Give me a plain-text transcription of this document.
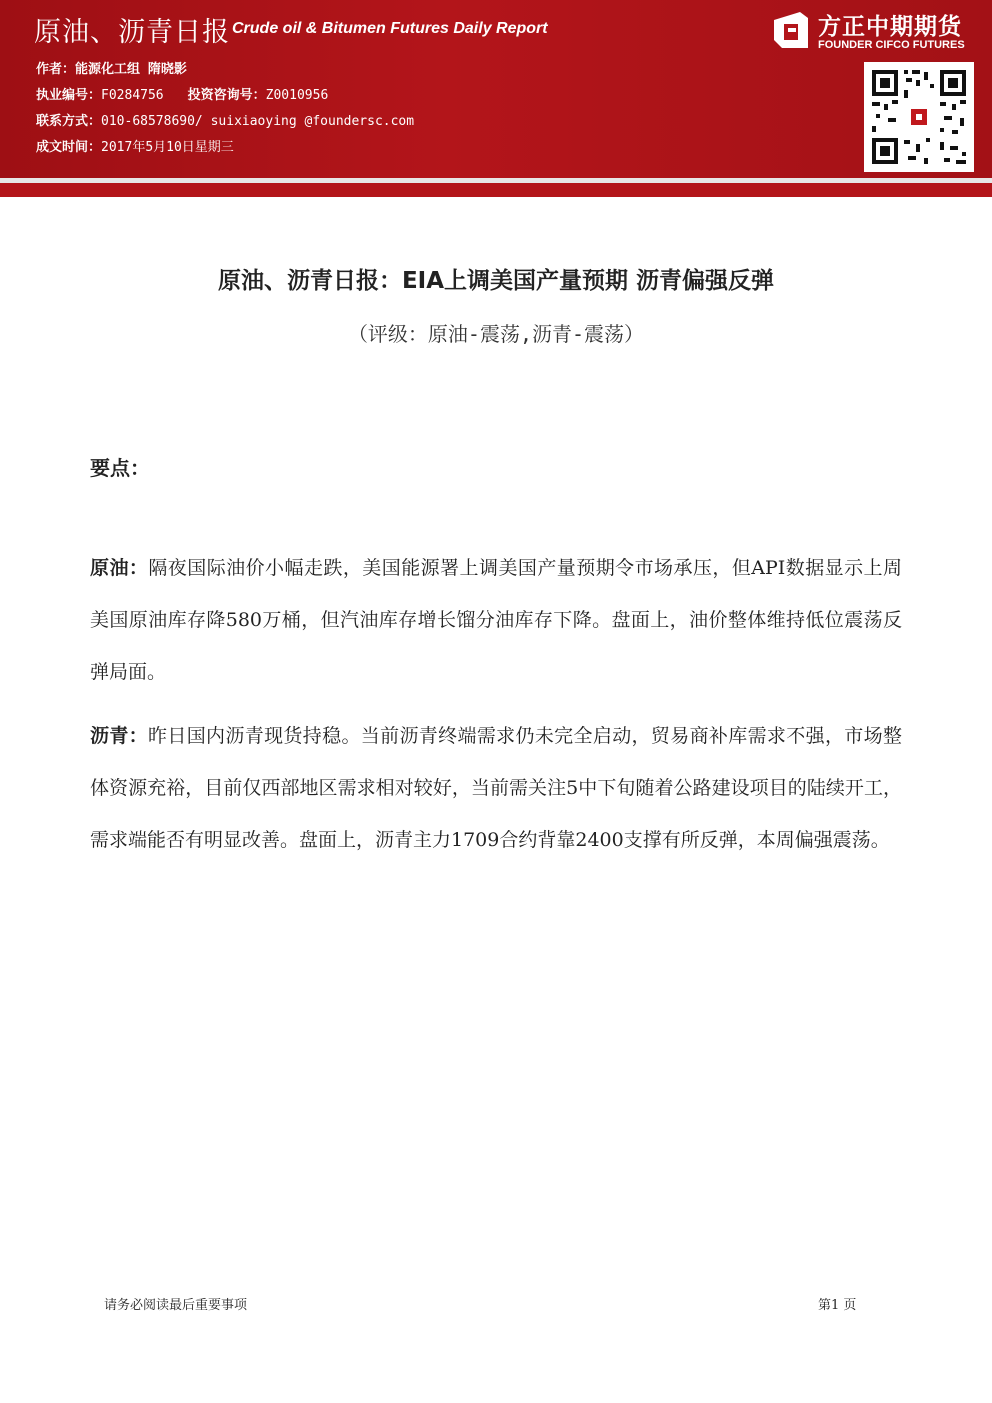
原油、沥青日报 Crude oil & Bitumen Futures Daily Report
作者：能源化工组 隋晓影
执业编号：F0284756 投资咨询号：Z0010956
联系方式：010-68578690/ suixiaoying @foundersc.com
成文时间：2017年5月10日星期三
方正中期期货
FOUNDER CIFCO FUTURES
原油、沥青日报：EIA上调美国产量预期 沥青偏强反弹
（评级：原油-震荡,沥青-震荡）
要点：
原油：隔夜国际油价小幅走跌，美国能源署上调美国产量预期令市场承压，但API数据显示上周美国原油库存降580万桶，但汽油库存增长馏分油库存下降。盘面上，油价整体维持低位震荡反弹局面。
沥青：昨日国内沥青现货持稳。当前沥青终端需求仍未完全启动，贸易商补库需求不强，市场整体资源充裕，目前仅西部地区需求相对较好，当前需关注5中下旬随着公路建设项目的陆续开工，需求端能否有明显改善。盘面上，沥青主力1709合约背靠2400支撑有所反弹，本周偏强震荡。
请务必阅读最后重要事项	第1 页
